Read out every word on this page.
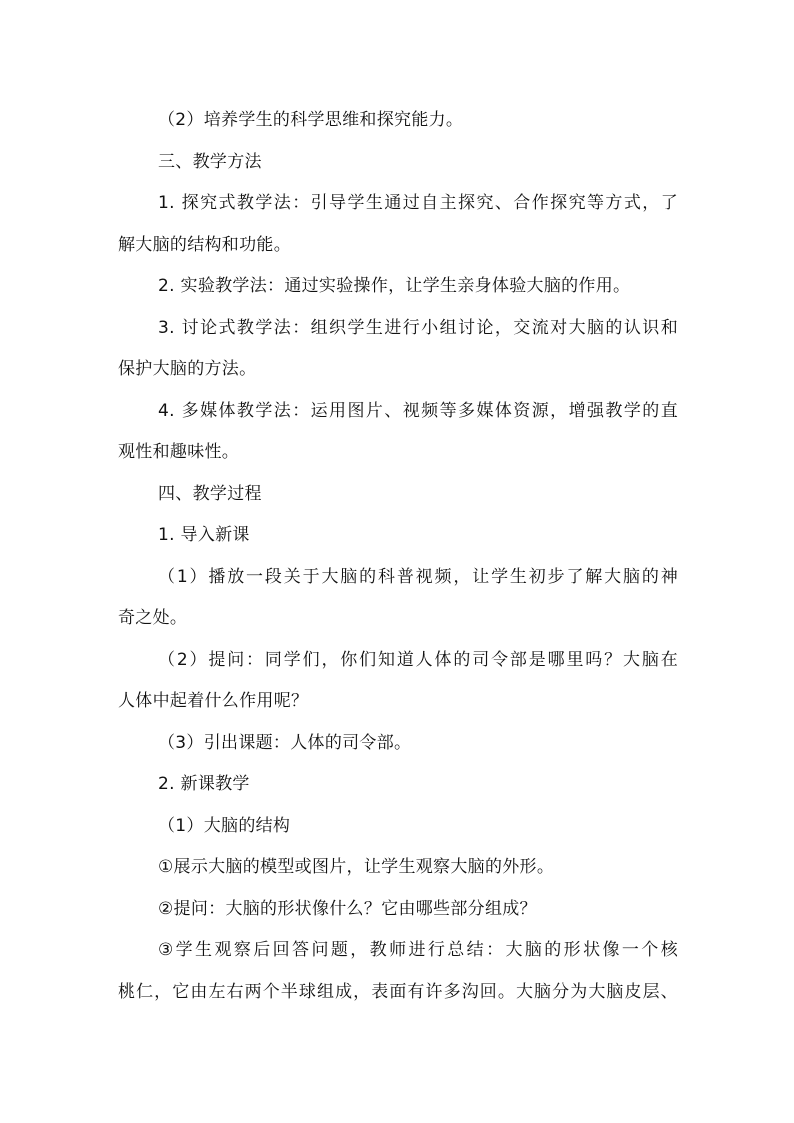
（2）培养学生的科学思维和探究能力。
三、教学方法
1. 探究式教学法：引导学生通过自主探究、合作探究等方式，了
解大脑的结构和功能。
2. 实验教学法：通过实验操作，让学生亲身体验大脑的作用。
3. 讨论式教学法：组织学生进行小组讨论，交流对大脑的认识和
保护大脑的方法。
4. 多媒体教学法：运用图片、视频等多媒体资源，增强教学的直
观性和趣味性。
四、教学过程
1. 导入新课
（1）播放一段关于大脑的科普视频，让学生初步了解大脑的神
奇之处。
（2）提问：同学们，你们知道人体的司令部是哪里吗？大脑在
人体中起着什么作用呢？
（3）引出课题：人体的司令部。
2. 新课教学
（1）大脑的结构
①展示大脑的模型或图片，让学生观察大脑的外形。
②提问：大脑的形状像什么？它由哪些部分组成？
③学生观察后回答问题，教师进行总结：大脑的形状像一个核
桃仁，它由左右两个半球组成，表面有许多沟回。大脑分为大脑皮层、
